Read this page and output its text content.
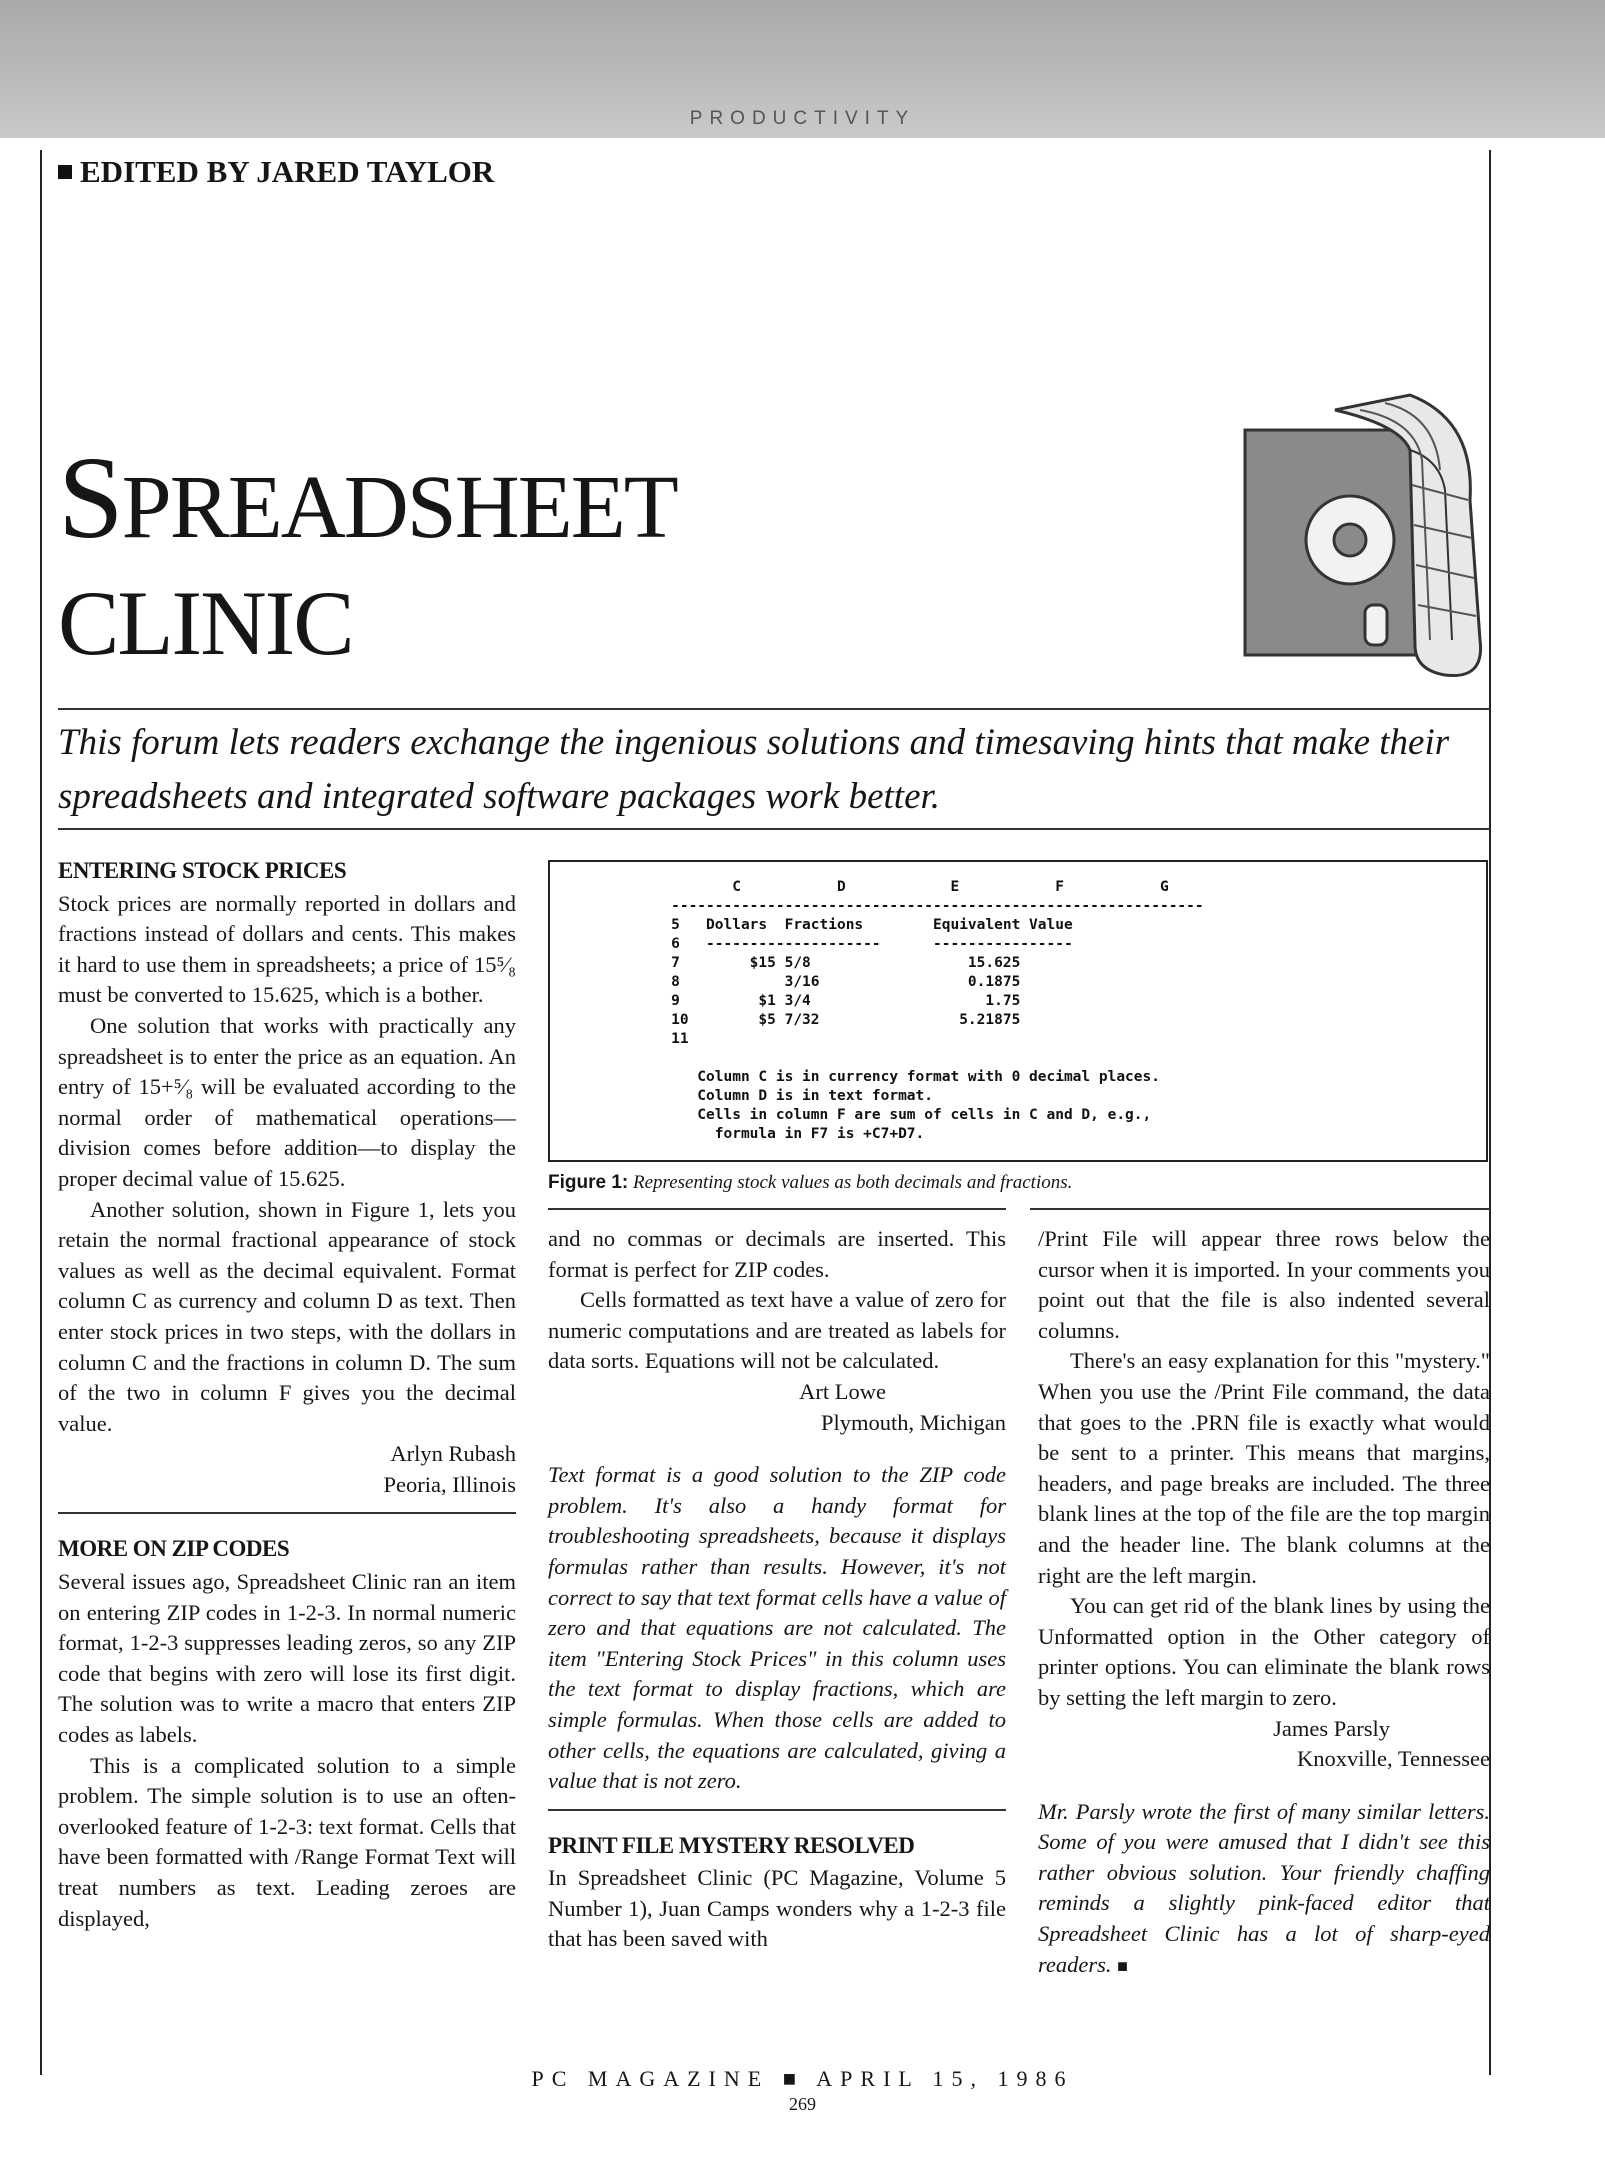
PRODUCTIVITY
EDITED BY JARED TAYLOR
SPREADSHEET
CLINIC
This forum lets readers exchange the ingenious solutions and timesaving hints that make their spreadsheets and integrated software packages work better.
ENTERING STOCK PRICES

Stock prices are normally reported in dollars and fractions instead of dollars and cents. This makes it hard to use them in spreadsheets; a price of 15⁵⁄₈ must be converted to 15.625, which is a bother.

One solution that works with practically any spreadsheet is to enter the price as an equation. An entry of 15+⁵⁄₈ will be evaluated according to the normal order of mathematical operations—division comes before addition—to display the proper decimal value of 15.625.

Another solution, shown in Figure 1, lets you retain the normal fractional appearance of stock values as well as the decimal equivalent. Format column C as currency and column D as text. Then enter stock prices in two steps, with the dollars in column C and the fractions in column D. The sum of the two in column F gives you the decimal value.

Arlyn Rubash

Peoria, Illinois

MORE ON ZIP CODES

Several issues ago, Spreadsheet Clinic ran an item on entering ZIP codes in 1-2-3. In normal numeric format, 1-2-3 suppresses leading zeros, so any ZIP code that begins with zero will lose its first digit. The solution was to write a macro that enters ZIP codes as labels.

This is a complicated solution to a simple problem. The simple solution is to use an often-overlooked feature of 1-2-3: text format. Cells that have been formatted with /Range Format Text will treat numbers as text. Leading zeroes are displayed,

C           D            E           F           G
-------------------------------------------------------------
5   Dollars  Fractions        Equivalent Value
6   --------------------      ----------------
7        $15 5/8                  15.625
8            3/16                 0.1875
9         $1 3/4                    1.75
10        $5 7/32                5.21875
11
Column C is in currency format with 0 decimal places.
Column D is in text format.
Cells in column F are sum of cells in C and D, e.g.,
formula in F7 is +C7+D7.
Figure 1: Representing stock values as both decimals and fractions.

and no commas or decimals are inserted. This format is perfect for ZIP codes.

Cells formatted as text have a value of zero for numeric computations and are treated as labels for data sorts. Equations will not be calculated.

Art Lowe

Plymouth, Michigan

Text format is a good solution to the ZIP code problem. It's also a handy format for troubleshooting spreadsheets, because it displays formulas rather than results. However, it's not correct to say that text format cells have a value of zero and that equations are not calculated. The item "Entering Stock Prices" in this column uses the text format to display fractions, which are simple formulas. When those cells are added to other cells, the equations are calculated, giving a value that is not zero.

PRINT FILE MYSTERY RESOLVED

In Spreadsheet Clinic (PC Magazine, Volume 5 Number 1), Juan Camps wonders why a 1-2-3 file that has been saved with

/Print File will appear three rows below the cursor when it is imported. In your comments you point out that the file is also indented several columns.

There's an easy explanation for this "mystery." When you use the /Print File command, the data that goes to the .PRN file is exactly what would be sent to a printer. This means that margins, headers, and page breaks are included. The three blank lines at the top of the file are the top margin and the header line. The blank columns at the right are the left margin.

You can get rid of the blank lines by using the Unformatted option in the Other category of printer options. You can eliminate the blank rows by setting the left margin to zero.

James Parsly

Knoxville, Tennessee

Mr. Parsly wrote the first of many similar letters. Some of you were amused that I didn't see this rather obvious solution. Your friendly chaffing reminds a slightly pink-faced editor that Spreadsheet Clinic has a lot of sharp-eyed readers. ■

PC MAGAZINE ■ APRIL 15, 1986
269
